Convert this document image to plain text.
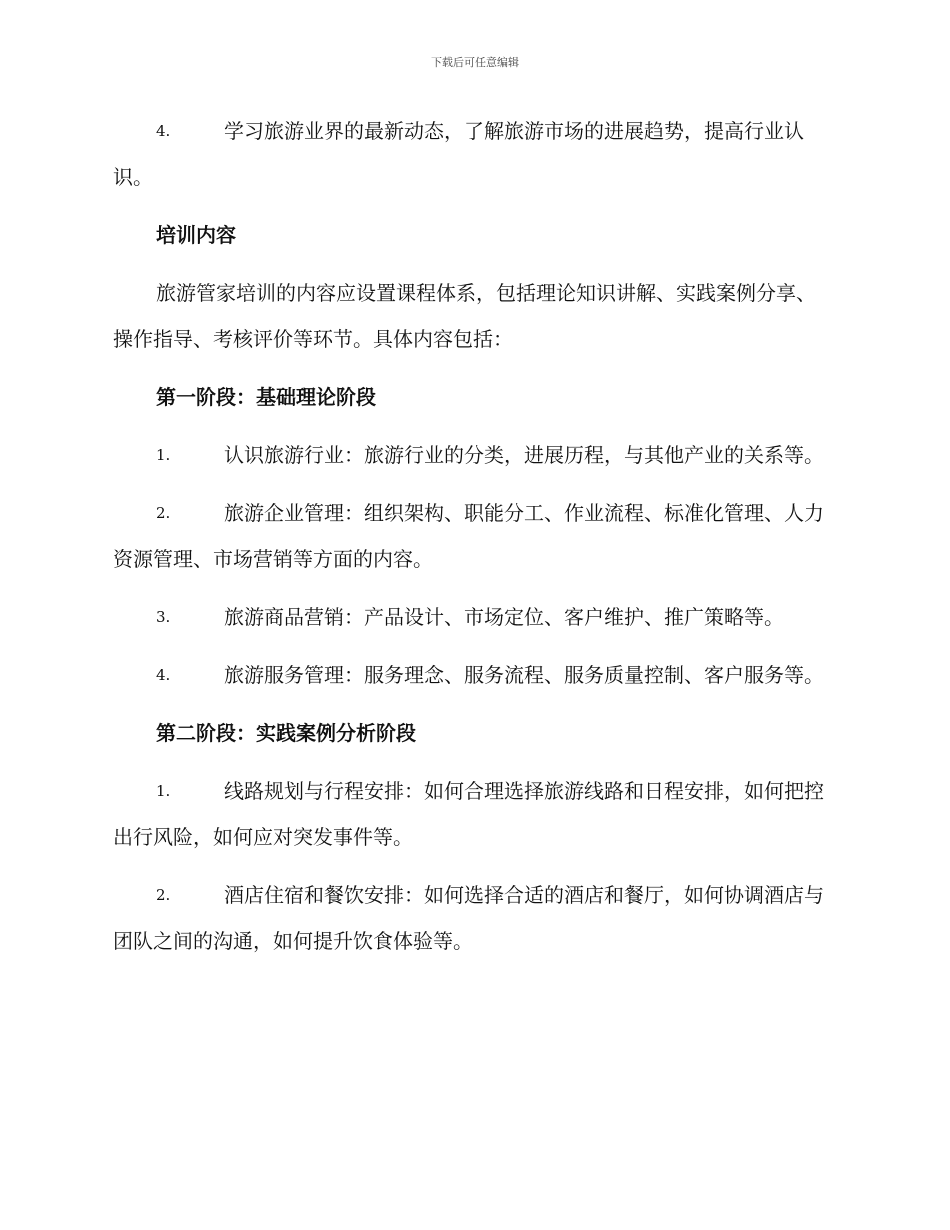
下载后可任意编辑

4.	学习旅游业界的最新动态，了解旅游市场的进展趋势，提高行业认识。

培训内容

旅游管家培训的内容应设置课程体系，包括理论知识讲解、实践案例分享、操作指导、考核评价等环节。具体内容包括：

第一阶段：基础理论阶段

1.	认识旅游行业：旅游行业的分类，进展历程，与其他产业的关系等。

2.	旅游企业管理：组织架构、职能分工、作业流程、标准化管理、人力资源管理、市场营销等方面的内容。

3.	旅游商品营销：产品设计、市场定位、客户维护、推广策略等。

4.	旅游服务管理：服务理念、服务流程、服务质量控制、客户服务等。

第二阶段：实践案例分析阶段

1.	线路规划与行程安排：如何合理选择旅游线路和日程安排，如何把控出行风险，如何应对突发事件等。

2.	酒店住宿和餐饮安排：如何选择合适的酒店和餐厅，如何协调酒店与团队之间的沟通，如何提升饮食体验等。
